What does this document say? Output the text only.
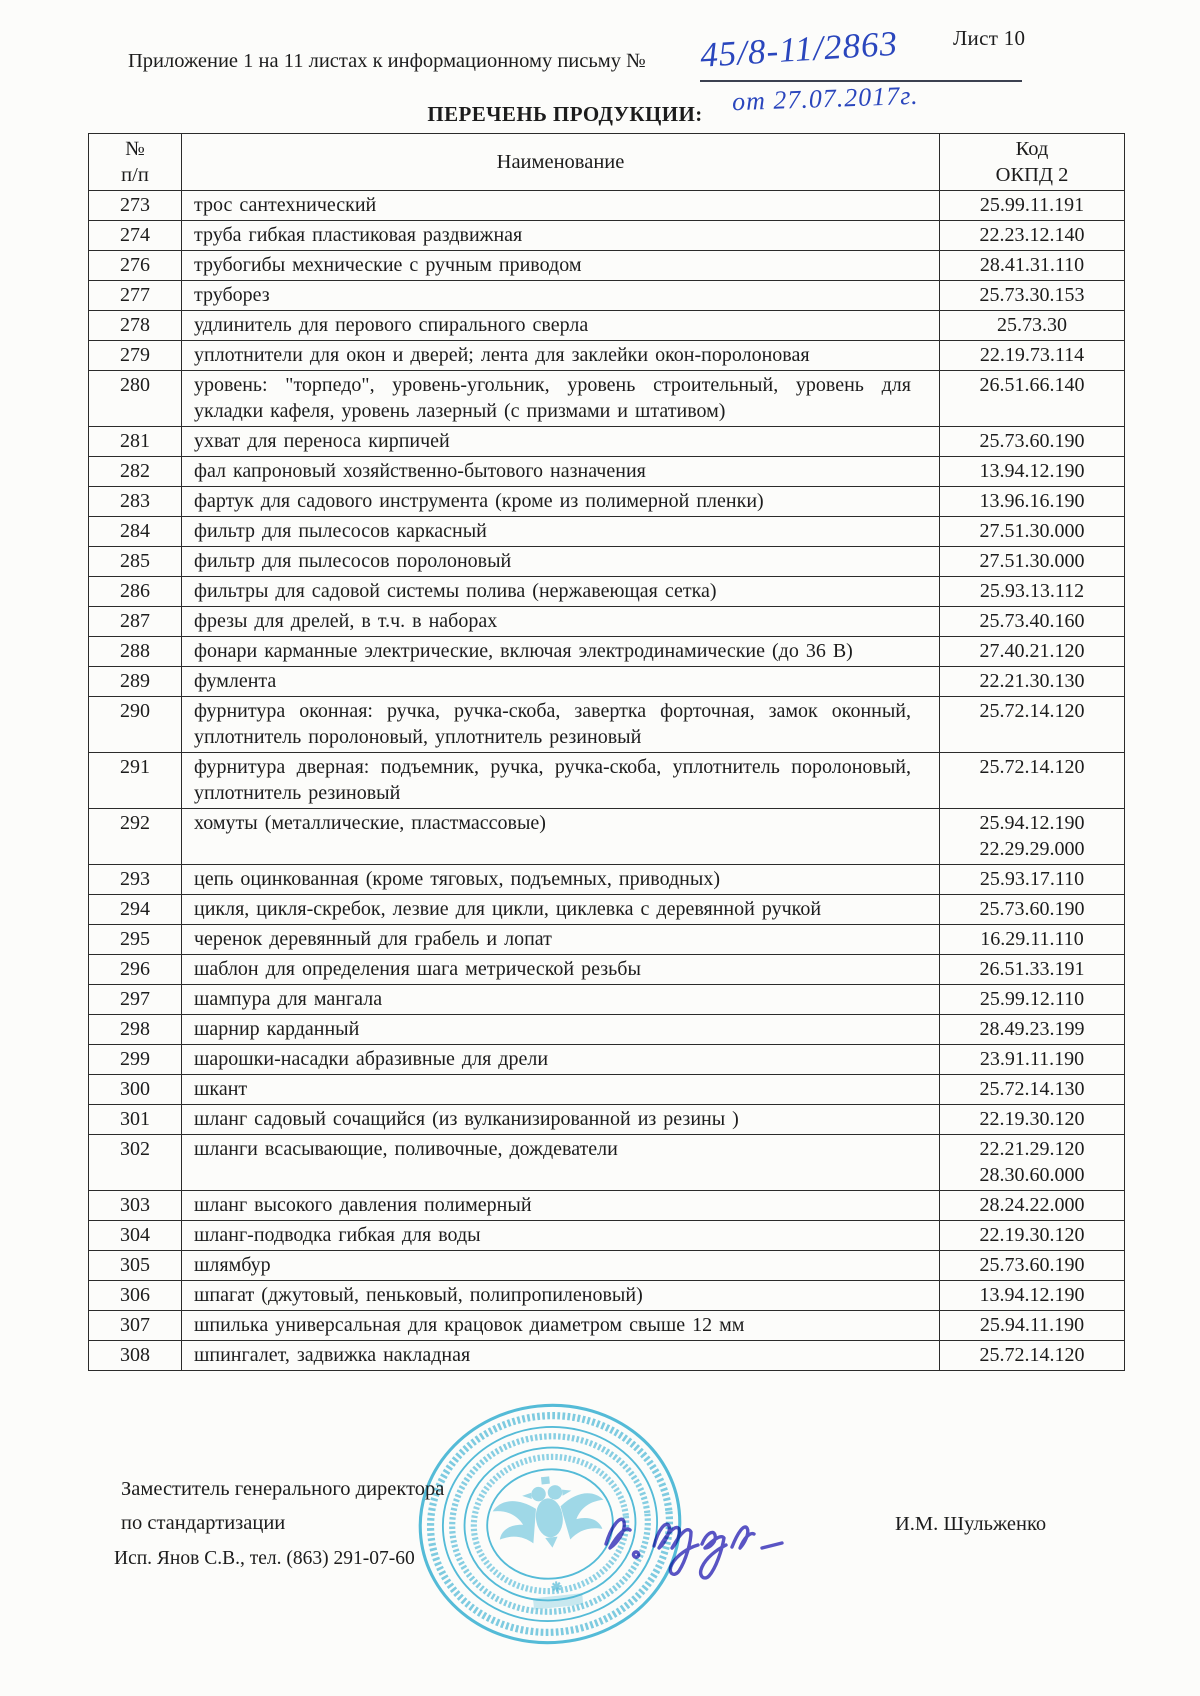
Лист 10
Приложение 1 на 11 листах к информационному письму № 45/8-11/2863
от 27.07.2017г.
ПЕРЕЧЕНЬ ПРОДУКЦИИ:
№
п/п
	Наименование	
Код
ОКПД 2

273	трос сантехнический	25.99.11.191

274	труба гибкая пластиковая раздвижная	22.23.12.140

276	трубогибы мехнические с ручным приводом	28.41.31.110

277	труборез	25.73.30.153

278	удлинитель для перового спирального сверла	25.73.30

279	уплотнители для окон и дверей; лента для заклейки окон-поролоновая	22.19.73.114

280	уровень: "торпедо", уровень-угольник, уровень строительный, уровень для укладки кафеля, уровень лазерный (с призмами и штативом)	26.51.66.140

281	ухват для переноса кирпичей	25.73.60.190

282	фал капроновый хозяйственно-бытового назначения	13.94.12.190

283	фартук для садового инструмента (кроме из полимерной пленки)	13.96.16.190

284	фильтр для пылесосов каркасный	27.51.30.000

285	фильтр для пылесосов поролоновый	27.51.30.000

286	фильтры для садовой системы полива (нержавеющая сетка)	25.93.13.112

287	фрезы для дрелей, в т.ч. в наборах	25.73.40.160

288	фонари карманные электрические, включая электродинамические (до 36 В)	27.40.21.120

289	фумлента	22.21.30.130

290	фурнитура оконная: ручка, ручка-скоба, завертка форточная, замок оконный, уплотнитель поролоновый, уплотнитель резиновый	25.72.14.120

291	фурнитура дверная: подъемник, ручка, ручка-скоба, уплотнитель поролоновый, уплотнитель резиновый	25.72.14.120

292	хомуты (металлические, пластмассовые)	25.94.12.190
22.29.29.000

293	цепь оцинкованная (кроме тяговых, подъемных, приводных)	25.93.17.110

294	цикля, цикля-скребок, лезвие для цикли, циклевка с деревянной ручкой	25.73.60.190

295	черенок деревянный для грабель и лопат	16.29.11.110

296	шаблон для определения шага метрической резьбы	26.51.33.191

297	шампура для мангала	25.99.12.110

298	шарнир карданный	28.49.23.199

299	шарошки-насадки абразивные для дрели	23.91.11.190

300	шкант	25.72.14.130

301	шланг садовый сочащийся (из вулканизированной из резины )	22.19.30.120

302	шланги всасывающие, поливочные, дождеватели	22.21.29.120
28.30.60.000

303	шланг высокого давления полимерный	28.24.22.000

304	шланг-подводка гибкая для воды	22.19.30.120

305	шлямбур	25.73.60.190

306	шпагат (джутовый, пеньковый, полипропиленовый)	13.94.12.190

307	шпилька универсальная для крацовок диаметром свыше 12 мм	25.94.11.190

308	шпингалет, задвижка накладная	25.72.14.120
Заместитель генерального директора
по стандартизации	И.М. Шульженко
Исп. Янов С.В., тел. (863) 291-07-60
